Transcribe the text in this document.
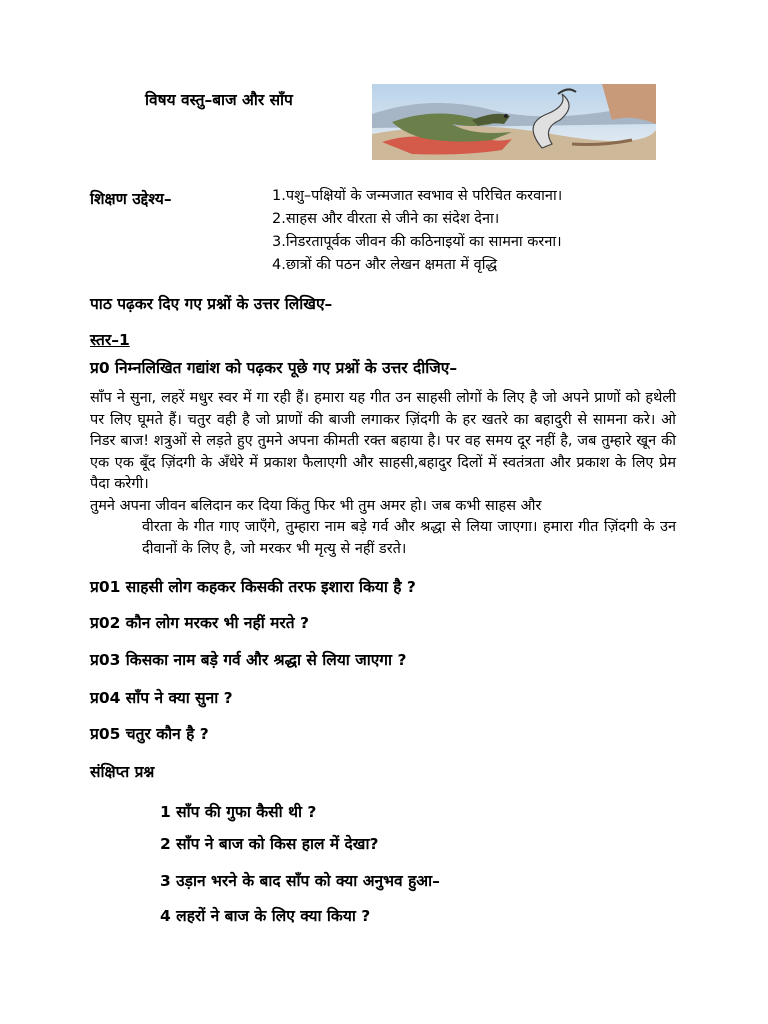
विषय वस्तु–बाज और साँप
शिक्षण उद्देश्य–	1.पशु–पक्षियों के जन्मजात स्वभाव से परिचित करवाना।
2.साहस और वीरता से जीने का संदेश देना।
3.निडरतापूर्वक जीवन की कठिनाइयों का सामना करना।
4.छात्रों की पठन और लेखन क्षमता में वृद्धि
पाठ पढ़कर दिए गए प्रश्नों के उत्तर लिखिए–
स्तर–1
प्र0 निम्नलिखित गद्यांश को पढ़कर पूछे गए प्रश्नों के उत्तर दीजिए–

साँप ने सुना, लहरें मधुर स्वर में गा रही हैं। हमारा यह गीत उन साहसी लोगों के लिए है जो अपने प्राणों को हथेली पर लिए घूमते हैं। चतुर वही है जो प्राणों की बाजी लगाकर ज़िंदगी के हर खतरे का बहादुरी से सामना करे। ओ निडर बाज! शत्रुओं से लड़ते हुए तुमने अपना कीमती रक्त बहाया है। पर वह समय दूर नहीं है, जब तुम्हारे खून की एक एक बूँद ज़िंदगी के अँधेरे में प्रकाश फैलाएगी और साहसी,बहादुर दिलों में स्वतंत्रता और प्रकाश के लिए प्रेम पैदा करेगी।

तुमने अपना जीवन बलिदान कर दिया किंतु फिर भी तुम अमर हो। जब कभी साहस और
वीरता के गीत गाए जाएँगे, तुम्हारा नाम बड़े गर्व और श्रद्धा से लिया जाएगा। हमारा गीत ज़िंदगी के उन दीवानों के लिए है, जो मरकर भी मृत्यु से नहीं डरते।

प्र01 साहसी लोग कहकर किसकी तरफ इशारा किया है ?
प्र02 कौन लोग मरकर भी नहीं मरते ?
प्र03 किसका नाम बड़े गर्व और श्रद्धा से लिया जाएगा ?
प्र04 सॉंप ने क्या सुना ?
प्र05 चतुर कौन है ?
संक्षिप्त प्रश्न
1 सॉंप की गुफा कैसी थी ?
2 सॉंप ने बाज को किस हाल में देखा?
3 उड़ान भरने के बाद सॉंप को क्या अनुभव हुआ–
4 लहरों ने बाज के लिए क्या किया ?
